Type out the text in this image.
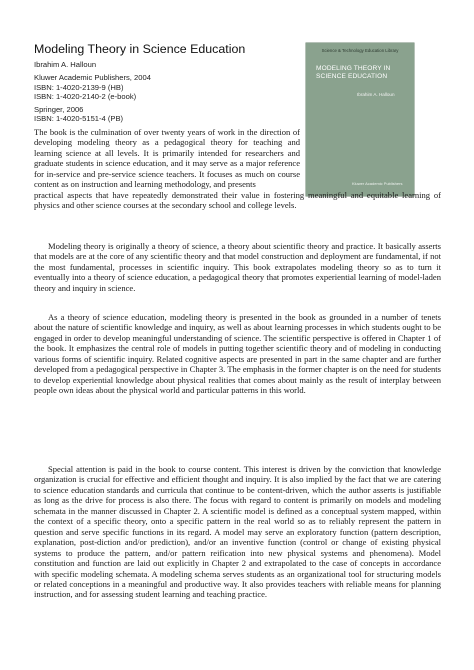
Modeling Theory in Science Education
Ibrahim A. Halloun
Kluwer Academic Publishers, 2004
ISBN: 1-4020-2139-9 (HB)
ISBN: 1-4020-2140-2 (e-book)
Springer, 2006
ISBN: 1-4020-5151-4 (PB)
Science & Technology Education Library
MODELING THEORY IN
SCIENCE EDUCATION
Ibrahim A. Halloun
Kluwer Academic Publishers

The book is the culmination of over twenty years of work in the direction of developing modeling theory as a pedagogical theory for teaching and learning science at all levels. It is primarily intended for researchers and graduate students in science education, and it may serve as a major reference for in-service and pre-service science teachers. It focuses as much on course content as on instruction and learning methodology, and presents

practical aspects that have repeatedly demonstrated their value in fostering meaningful and equitable learning of physics and other science courses at the secondary school and college levels.

Modeling theory is originally a theory of science, a theory about scientific theory and practice. It basically asserts that models are at the core of any scientific theory and that model construction and deployment are fundamental, if not the most fundamental, processes in scientific inquiry. This book extrapolates modeling theory so as to turn it eventually into a theory of science education, a pedagogical theory that promotes experiential learning of model-laden theory and inquiry in science.

As a theory of science education, modeling theory is presented in the book as grounded in a number of tenets about the nature of scientific knowledge and inquiry, as well as about learning processes in which students ought to be engaged in order to develop meaningful understanding of science. The scientific perspective is offered in Chapter 1 of the book. It emphasizes the central role of models in putting together scientific theory and of modeling in conducting various forms of scientific inquiry. Related cognitive aspects are presented in part in the same chapter and are further developed from a pedagogical perspective in Chapter 3. The emphasis in the former chapter is on the need for students to develop experiential knowledge about physical realities that comes about mainly as the result of interplay between people own ideas about the physical world and particular patterns in this world.

Special attention is paid in the book to course content. This interest is driven by the conviction that knowledge organization is crucial for effective and efficient thought and inquiry. It is also implied by the fact that we are catering to science education standards and curricula that continue to be content-driven, which the author asserts is justifiable as long as the drive for process is also there. The focus with regard to content is primarily on models and modeling schemata in the manner discussed in Chapter 2. A scientific model is defined as a conceptual system mapped, within the context of a specific theory, onto a specific pattern in the real world so as to reliably represent the pattern in question and serve specific functions in its regard. A model may serve an exploratory function (pattern description, explanation, post-diction and/or prediction), and/or an inventive function (control or change of existing physical systems to produce the pattern, and/or pattern reification into new physical systems and phenomena). Model constitution and function are laid out explicitly in Chapter 2 and extrapolated to the case of concepts in accordance with specific modeling schemata. A modeling schema serves students as an organizational tool for structuring models or related conceptions in a meaningful and productive way. It also provides teachers with reliable means for planning instruction, and for assessing student learning and teaching practice.
